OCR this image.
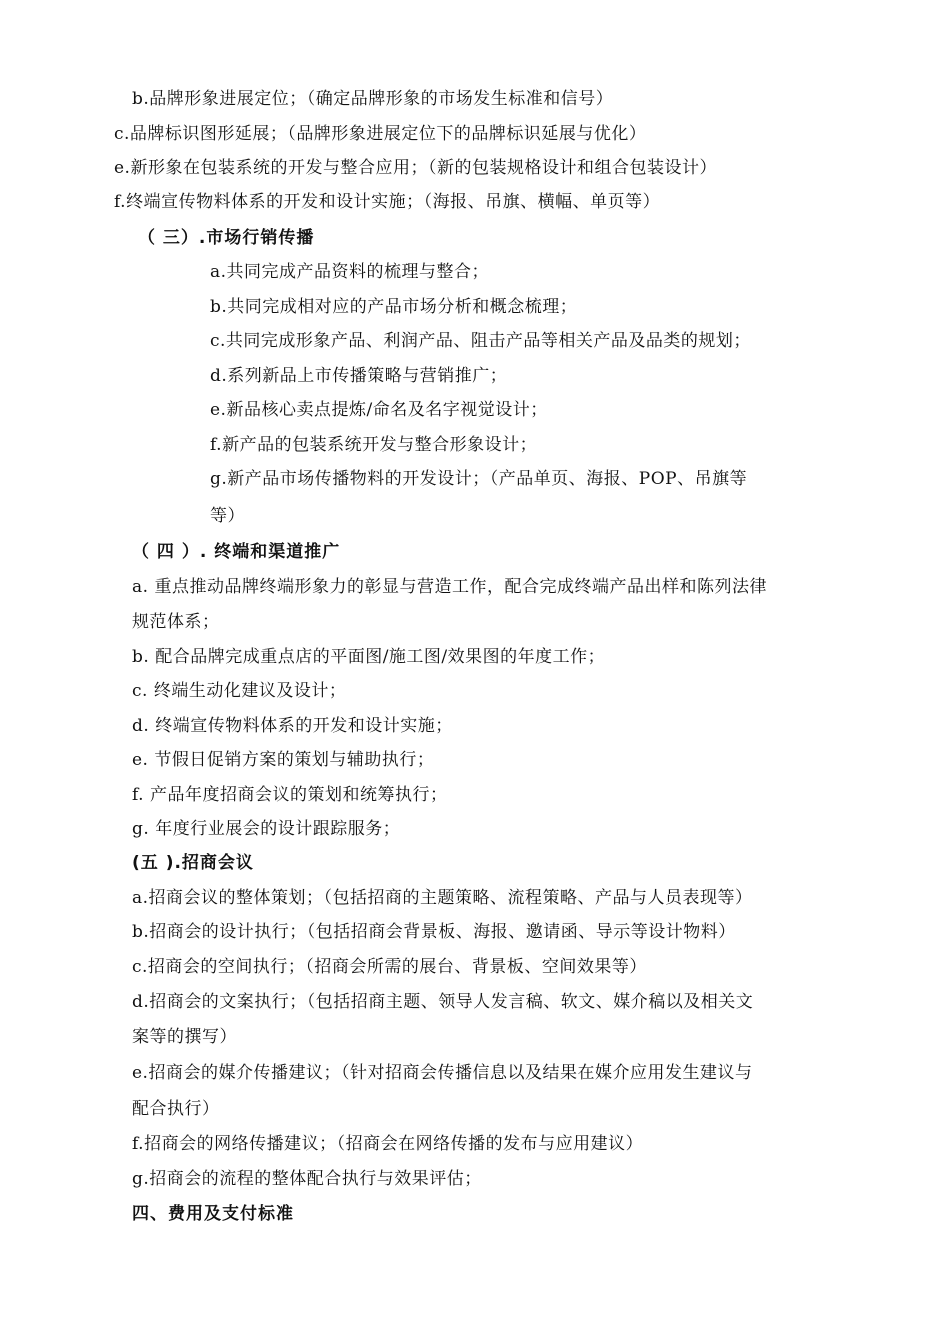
b.品牌形象进展定位；（确定品牌形象的市场发生标准和信号）
c.品牌标识图形延展；（品牌形象进展定位下的品牌标识延展与优化）
e.新形象在包装系统的开发与整合应用；（新的包装规格设计和组合包装设计）
f.终端宣传物料体系的开发和设计实施；（海报、吊旗、横幅、单页等）
（ 三）.市场行销传播
a.共同完成产品资料的梳理与整合；
b.共同完成相对应的产品市场分析和概念梳理；
c.共同完成形象产品、利润产品、阻击产品等相关产品及品类的规划；
d.系列新品上市传播策略与营销推广；
e.新品核心卖点提炼/命名及名字视觉设计；
f.新产品的包装系统开发与整合形象设计；
g.新产品市场传播物料的开发设计；（产品单页、海报、POP、吊旗等
等）
（ 四 ）. 终端和渠道推广
a. 重点推动品牌终端形象力的彰显与营造工作，配合完成终端产品出样和陈列法律
规范体系；
b. 配合品牌完成重点店的平面图/施工图/效果图的年度工作；
c. 终端生动化建议及设计；
d. 终端宣传物料体系的开发和设计实施；
e. 节假日促销方案的策划与辅助执行；
f. 产品年度招商会议的策划和统筹执行；
g. 年度行业展会的设计跟踪服务；
(五 ).招商会议
a.招商会议的整体策划；（包括招商的主题策略、流程策略、产品与人员表现等）
b.招商会的设计执行；（包括招商会背景板、海报、邀请函、导示等设计物料）
c.招商会的空间执行；（招商会所需的展台、背景板、空间效果等）
d.招商会的文案执行；（包括招商主题、领导人发言稿、软文、媒介稿以及相关文
案等的撰写）
e.招商会的媒介传播建议；（针对招商会传播信息以及结果在媒介应用发生建议与
配合执行）
f.招商会的网络传播建议；（招商会在网络传播的发布与应用建议）
g.招商会的流程的整体配合执行与效果评估；
四、费用及支付标准
